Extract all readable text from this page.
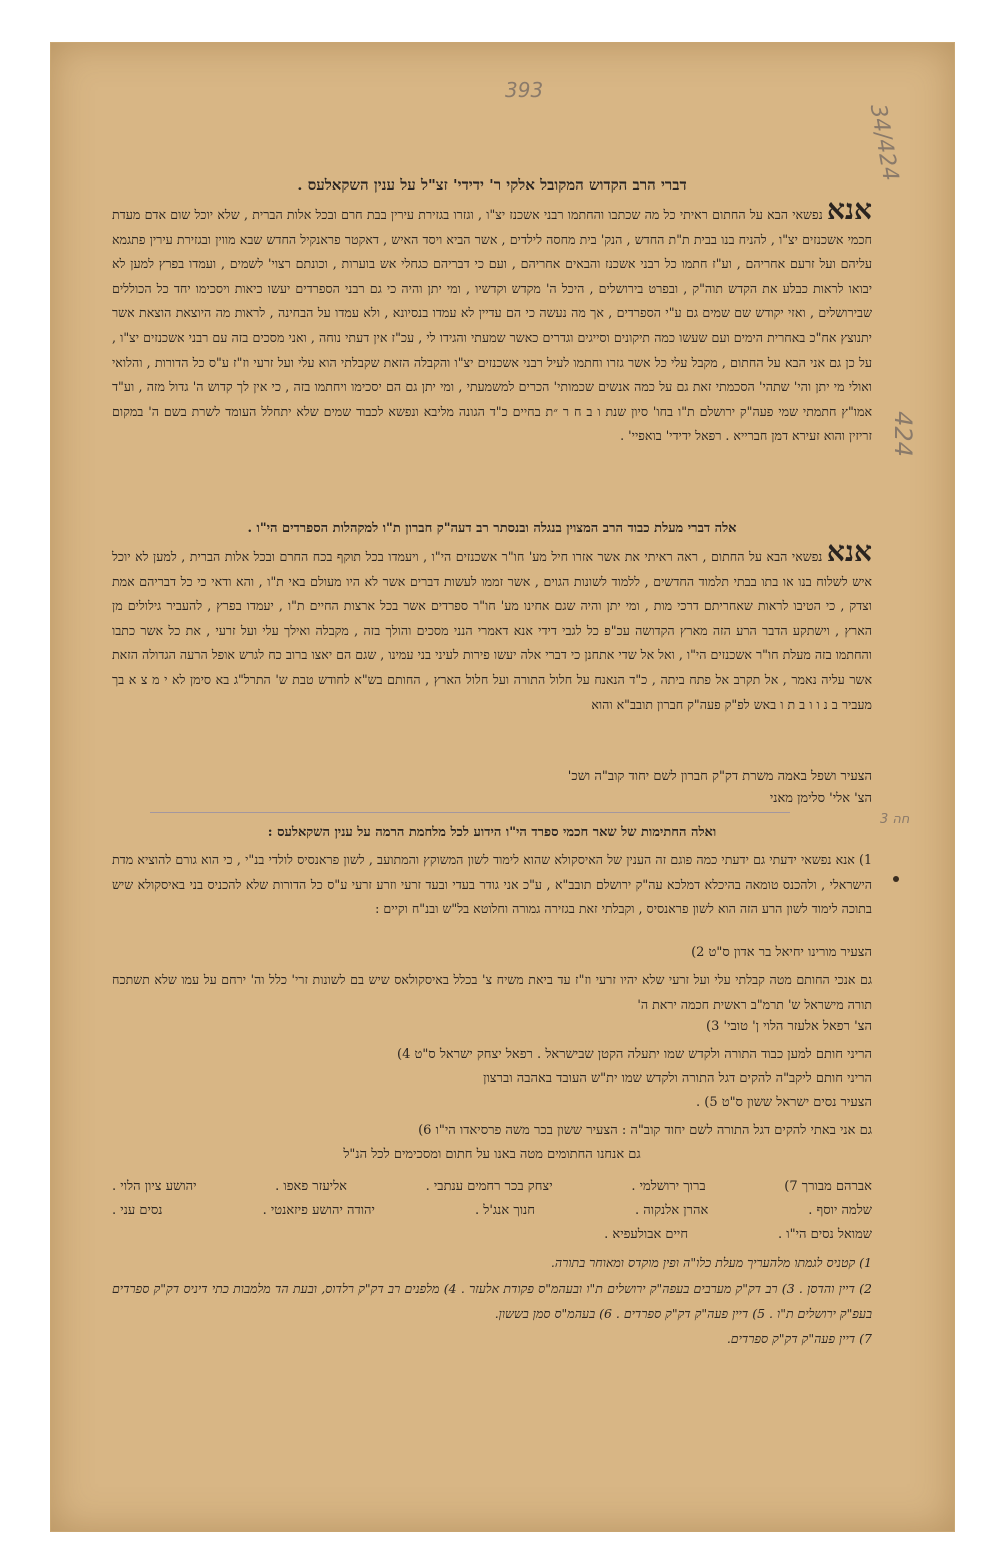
393
34/424
424
3 חה
דברי הרב הקדוש המקובל אלקי ר' ידידי' זצ"ל על ענין השקאלעס .
אנא נפשאי הבא על החתום ראיתי כל מה שכתבו והחתמו רבני אשכנז יצ"ו , וגזרו בגזירת עירין בבת חרם ובכל אלות הברית , שלא יוכל שום אדם מעדת חכמי אשכנזים יצ"ו , להניח בנו בבית ת"ת החדש , הנק' בית מחסה לילדים , אשר הביא ויסד האיש , דאקטר פראנקיל החדש שבא מווין ובגזירת עירין פתגמא עליהם ועל זרעם אחריהם , וע"ז חתמו כל רבני אשכנז והבאים אחריהם , ועם כי דבריהם כגחלי אש בוערות , וכונתם רצוי' לשמים , ועמדו בפרץ למען לא יבואו לראות כבלע את הקדש תוה"ק , ובפרט בירושלים , היכל ה' מקדש וקדשיו , ומי יתן והיה כי גם רבני הספרדים יעשו כיאות ויסכימו יחד כל הכוללים שבירושלים , ואזי יקודש שם שמים גם ע"י הספרדים , אך מה נעשה כי הם עדיין לא עמדו בנסיונא , ולא עמדו על הבחינה , לראות מה היוצאת הוצאת אשר יתנוצץ אח"כ באחרית הימים ועם שעשו כמה תיקונים וסייגים וגדרים כאשר שמעתי והגידו לי , עכ"ז אין דעתי נוחה , ואני מסכים בזה עם רבני אשכנזים יצ"ו , על כן גם אני הבא על החתום , מקבל עלי כל אשר גזרו וחתמו לעיל רבני אשכנזים יצ"ו והקבלה הזאת שקבלתי הוא עלי ועל זרעי וז"ז ע"ס כל הדורות , והלואי ואולי מי יתן והי' שתהי' הסכמתי זאת גם על כמה אנשים שכמותי' הכרים למשמעתי , ומי יתן גם הם יסכימו ויחתמו בזה , כי אין לך קדוש ה' גדול מזה , וע"ד אמו"ץ חתמתי שמי פעה"ק ירושלם ת"ו בחו' סיון שנת ו ב ח ר ״ת בחיים כ"ד הגונה מליבא ונפשא לכבוד שמים שלא יתחלל העומד לשרת בשם ה' במקום זריזין והוא זעירא דמן חברייא . רפאל ידידי' בואפיי' .
אלה דברי מעלת כבוד הרב המצוין בנגלה ובנסתר רב דעה"ק חברון ת"ו למקהלות הספרדים הי"ו .
אנא נפשאי הבא על החתום , ראה ראיתי את אשר אזרו חיל מע' חו"ר אשכנזים הי"ו , ויעמדו בכל תוקף בכח החרם ובכל אלות הברית , למען לא יוכל איש לשלוח בנו או בתו בבתי תלמוד החדשים , ללמוד לשונות הגוים , אשר זממו לעשות דברים אשר לא היו מעולם באי ת"ו , והא ודאי כי כל דבריהם אמת וצדק , כי הטיבו לראות שאחריתם דרכי מות , ומי יתן והיה שגם אחינו מע' חו"ר ספרדים אשר בכל ארצות החיים ת"ו , יעמדו בפרץ , להעביר גילולים מן הארץ , וישתקע הדבר הרע הזה מארץ הקדושה עכ"פ כל לגבי דידי אנא דאמרי הנני מסכים והולך בזה , מקבלה ואילך עלי ועל זרעי , את כל אשר כתבו והחתמו בזה מעלת חו"ר אשכנזים הי"ו , ואל אל שדי אתחנן כי דברי אלה יעשו פירות לעיני בני עמינו , שגם הם יאצו ברוב כח לגרש אופל הרעה הגדולה הזאת אשר עליה נאמר , אל תקרב אל פתח ביתה , כ"ד הנאנח על חלול התורה ועל חלול הארץ , החותם בש"א לחודש טבת ש' התרל"ג בא סימן לא י מ צ א בך מעביר ב נ ו ו ב ת ו באש לפ"ק פעה"ק חברון תובב"א והוא
הצעיר ושפל באמה משרת דק"ק חברון לשם יחוד קוב"ה ושכ'
הצ' אלי' סלימן מאני
ואלה החתימות של שאר חכמי ספרד הי"ו הידוע לכל מלחמת הרמה על ענין השקאלעס :
1) אנא נפשאי ידעתי גם ידעתי כמה פוגם זה הענין של האיסקולא שהוא לימוד לשון המשוקץ והמתועב , לשון פראנסיס לולדי בנ"י , כי הוא גורם להוציא מדת הישראלי , ולהכנס טומאה בהיכלא דמלכא עה"ק ירושלם תובב"א , ע"כ אני גודר בעדי ובעד זרעי וזרע זרעי ע"ס כל הדורות שלא להכניס בני באיסקולא שיש בתוכה לימוד לשון הרע הזה הוא לשון פראנסיס , וקבלתי זאת בגזירה גמורה וחלוטא בל"ש ובנ"ח וקיים :
הצעיר מורינו יחיאל בר אדון ס"ט 2)
גם אנכי החותם מטה קבלתי עלי ועל זרעי שלא יהיו זרעי וז"ז עד ביאת משיח צ' בכלל באיסקולאס שיש בם לשונות זרי' כלל וה' ירחם על עמו שלא תשתכח תורה מישראל ש' תרמ"ב ראשית חכמה יראת ה'
הצ' רפאל אלעזר הלוי ן' טובי' 3)
הריני חותם למען כבוד התורה ולקדש שמו יתעלה הקטן שבישראל . רפאל יצחק ישראל ס"ט 4)
הריני חותם ליקב"ה להקים דגל התורה ולקדש שמו ית"ש העובד באהבה וברצון
הצעיר נסים ישראל ששון ס"ט 5) .
גם אני באתי להקים דגל התורה לשם יחוד קוב"ה : הצעיר ששון בכר משה פרסיאדו הי"ו 6)
גם אנחנו החתומים מטה באנו על חתום ומסכימים לכל הנ"ל
אברהם מבורך 7)
ברוך ירושלמי .
יצחק בכר רחמים ענתבי .
אליעזר פאפו .
יהושע ציון הלוי .
שלמה יוסף .
אהרן אלנקוה .
חנוך אנג'ל .
יהודה יהושע פיזאנטי .
נסים עני .
שמואל נסים הי"ו .
חיים אבולעפיא .
1) קטניס לגמתו מלהעריך מעלת כלו"ה ופין מוקדס ומאוחר בתורה.
2) דיין והדסן . 3) רב דק"ק מערבים בעפה"ק ירושלים ת"ו ובעהמ"ס פקודת אלעזר . 4) מלפנים רב דק"ק רלדוס, ובעת הד מלמבות כתי דיניס דק"ק ספרדים בעפ"ק ירושלים ת"ו . 5) דיין פעה"ק דק"ק ספרדים . 6) בעהמ"ס סמן בששון.
7) דיין פעה"ק דק"ק ספרדים.
